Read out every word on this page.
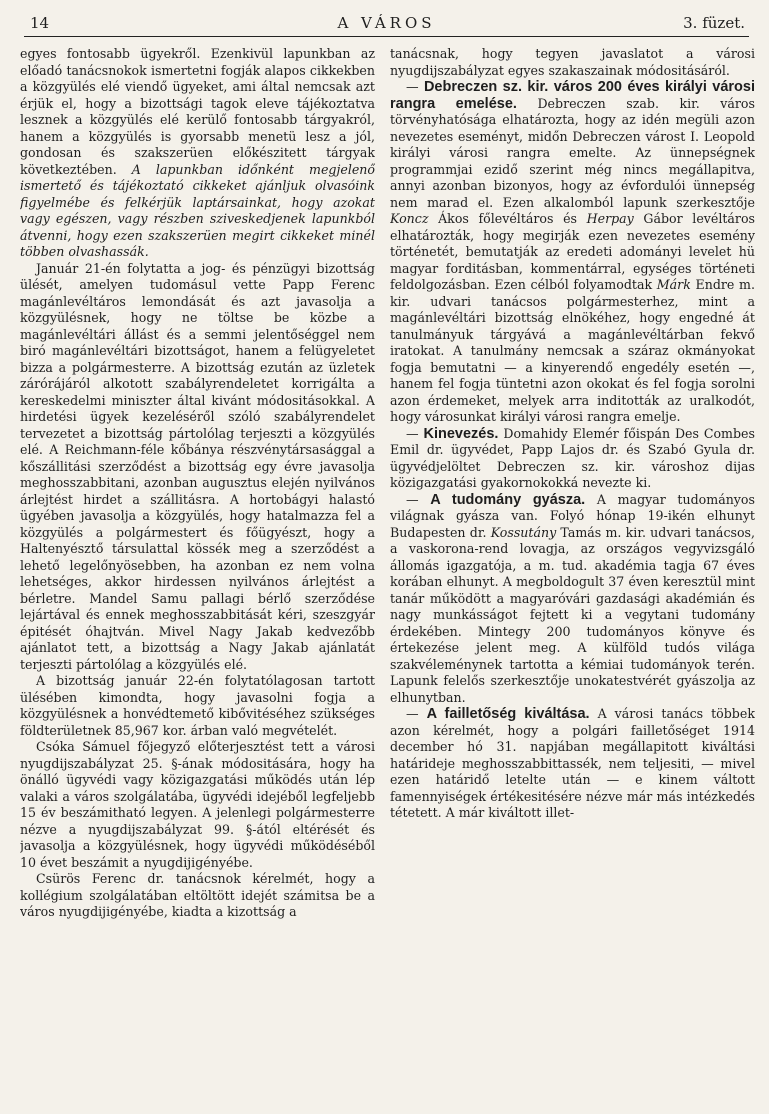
14	A VÁROS	3. füzet.

egyes fontosabb ügyekről. Ezenkivül lapunkban az előadó tanácsnokok ismertetni fogják alapos cikkekben a közgyülés elé viendő ügyeket, ami által nemcsak azt érjük el, hogy a bizottsági tagok eleve tájékoztatva lesznek a közgyülés elé kerülő fontosabb tárgyakról, hanem a közgyülés is gyorsabb menetü lesz a jól, gondosan és szakszerüen előkészitett tárgyak következtében. A lapunkban időnként megjelenő ismertető és tájékoztató cikkeket ajánljuk olvasóink figyelmébe és felkérjük laptársainkat, hogy azokat vagy egészen, vagy részben sziveskedjenek lapunkból átvenni, hogy ezen szakszerüen megirt cikkeket minél többen olvashassák.

Január 21-én folytatta a jog- és pénzügyi bizottság ülését, amelyen tudomásul vette Papp Ferenc magánlevéltáros lemondását és azt javasolja a közgyülésnek, hogy ne töltse be közbe a magánlevéltári állást és a semmi jelentőséggel nem biró magánlevéltári bizottságot, hanem a felügyeletet bizza a polgármesterre. A bizottság ezután az üzletek zárórájáról alkotott szabályrendeletet korrigálta a kereskedelmi miniszter által kivánt módositásokkal. A hirdetési ügyek kezeléséről szóló szabályrendelet tervezetet a bizottság pártolólag terjeszti a közgyülés elé. A Reichmann-féle kőbánya részvénytársasággal a kőszállitási szerződést a bizottság egy évre javasolja meghosszabbitani, azonban augusztus elején nyilvános árlejtést hirdet a szállitásra. A hortobágyi halastó ügyében javasolja a közgyülés, hogy hatalmazza fel a közgyülés a polgármestert és főügyészt, hogy a Haltenyésztő társulattal kössék meg a szerződést a lehető legelőnyösebben, ha azonban ez nem volna lehetséges, akkor hirdessen nyilvános árlejtést a bérletre. Mandel Samu pallagi bérlő szerződése lejártával és ennek meghosszabbitását kéri, szeszgyár épitését óhajtván. Mivel Nagy Jakab kedvezőbb ajánlatot tett, a bizottság a Nagy Jakab ajánlatát terjeszti pártolólag a közgyülés elé.

A bizottság január 22-én folytatólagosan tartott ülésében kimondta, hogy javasolni fogja a közgyülésnek a honvédtemető kibővitéséhez szükséges földterületnek 85,967 kor. árban való megvételét.

Csóka Sámuel főjegyző előterjesztést tett a városi nyugdijszabályzat 25. §-ának módositására, hogy ha önálló ügyvédi vagy közigazgatási működés után lép valaki a város szolgálatába, ügyvédi idejéből legfeljebb 15 év beszámitható legyen. A jelenlegi polgármesterre nézve a nyugdijszabályzat 99. §-ától eltérését és javasolja a közgyülésnek, hogy ügyvédi működéséből 10 évet beszámit a nyugdijigényébe.

Csürös Ferenc dr. tanácsnok kérelmét, hogy a kollégium szolgálatában eltöltött idejét számitsa be a város nyugdijigényébe, kiadta a kizottság a

tanácsnak, hogy tegyen javaslatot a városi nyugdijszabályzat egyes szakaszainak módositásáról.

— Debreczen sz. kir. város 200 éves királyi városi rangra emelése. Debreczen szab. kir. város törvényhatósága elhatározta, hogy az idén megüli azon nevezetes eseményt, midőn Debreczen várost I. Leopold királyi városi rangra emelte. Az ünnepségnek programmjai ezidő szerint még nincs megállapitva, annyi azonban bizonyos, hogy az évfordulói ünnepség nem marad el. Ezen alkalomból lapunk szerkesztője Koncz Ákos főlevéltáros és Herpay Gábor levéltáros elhatározták, hogy megirják ezen nevezetes esemény történetét, bemutatják az eredeti adományi levelet hü magyar forditásban, kommentárral, egységes történeti feldolgozásban. Ezen célból folyamodtak Márk Endre m. kir. udvari tanácsos polgármesterhez, mint a magánlevéltári bizottság elnökéhez, hogy engedné át tanulmányuk tárgyává a magánlevéltárban fekvő iratokat. A tanulmány nemcsak a száraz okmányokat fogja bemutatni — a kinyerendő engedély esetén —, hanem fel fogja tüntetni azon okokat és fel fogja sorolni azon érdemeket, melyek arra inditották az uralkodót, hogy városunkat királyi városi rangra emelje.

— Kinevezés. Domahidy Elemér főispán Des Combes Emil dr. ügyvédet, Papp Lajos dr. és Szabó Gyula dr. ügyvédjelöltet Debreczen sz. kir. városhoz dijas közigazgatási gyakornokokká nevezte ki.

— A tudomány gyásza. A magyar tudományos világnak gyásza van. Folyó hónap 19-ikén elhunyt Budapesten dr. Kossutány Tamás m. kir. udvari tanácsos, a vaskorona-rend lovagja, az országos vegyvizsgáló állomás igazgatója, a m. tud. akadémia tagja 67 éves korában elhunyt. A megboldogult 37 éven keresztül mint tanár működött a magyaróvári gazdasági akadémián és nagy munkásságot fejtett ki a vegytani tudomány érdekében. Mintegy 200 tudományos könyve és értekezése jelent meg. A külföld tudós világa szakvéleménynek tartotta a kémiai tudományok terén. Lapunk felelős szerkesztője unokatestvérét gyászolja az elhunytban.

— A failletőség kiváltása. A városi tanács többek azon kérelmét, hogy a polgári failletőséget 1914 december hó 31. napjában megállapitott kiváltási határideje meghosszabbittassék, nem teljesiti, — mivel ezen határidő letelte után — e kinem váltott famennyiségek értékesitésére nézve már más intézkedés tétetett. A már kiváltott illet-
